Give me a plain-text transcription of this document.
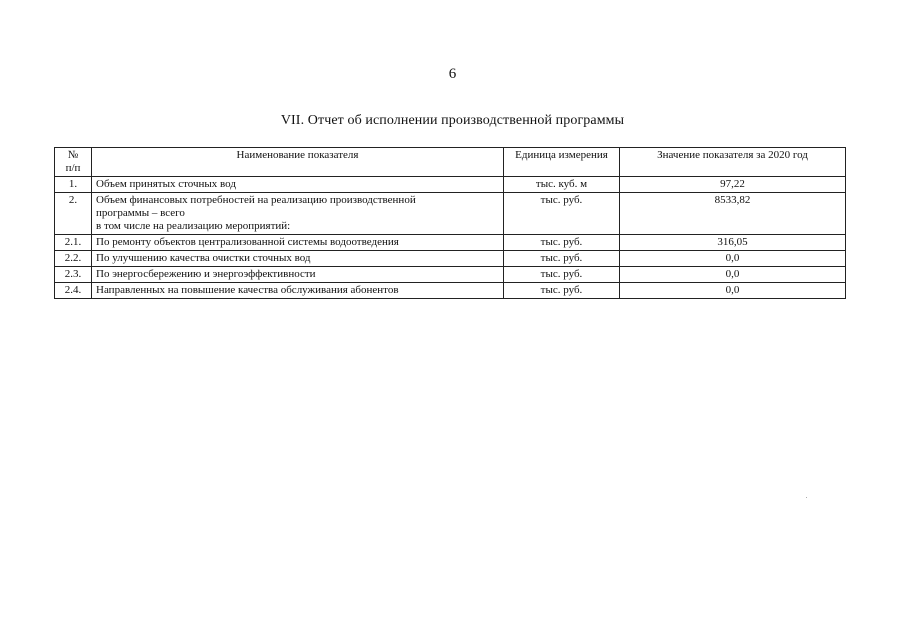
6
VII. Отчет об исполнении производственной программы
№
п/п	Наименование показателя	Единица измерения	Значение показателя за 2020 год
1.	Объем принятых сточных вод	тыс. куб. м	97,22
2.	Объем финансовых потребностей на реализацию производственной
программы – всего
в том числе на реализацию мероприятий:	тыс. руб.	8533,82
2.1.	По ремонту объектов централизованной системы водоотведения	тыс. руб.	316,05
2.2.	По улучшению качества очистки сточных вод	тыс. руб.	0,0
2.3.	По энергосбережению и энергоэффективности	тыс. руб.	0,0
2.4.	Направленных на повышение качества обслуживания абонентов	тыс. руб.	0,0
